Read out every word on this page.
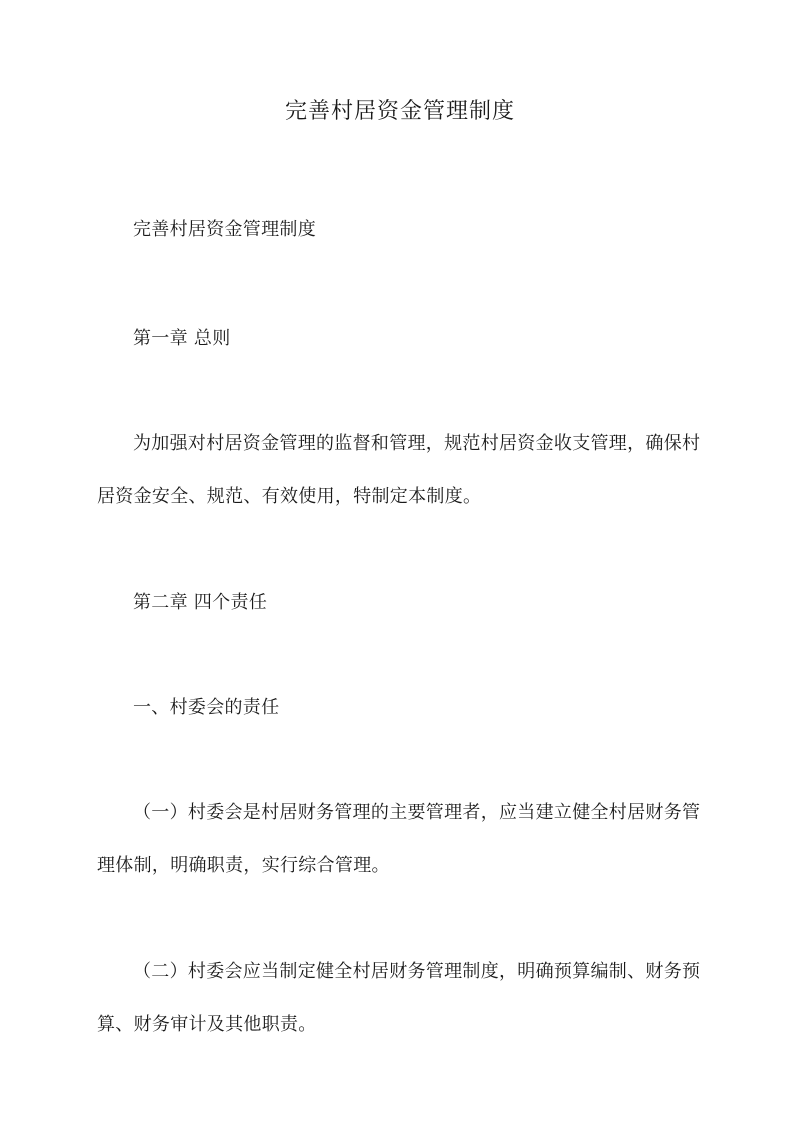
完善村居资金管理制度

完善村居资金管理制度

第一章 总则

为加强对村居资金管理的监督和管理，规范村居资金收支管理，确保村居资金安全、规范、有效使用，特制定本制度。

第二章 四个责任

一、村委会的责任

（一）村委会是村居财务管理的主要管理者，应当建立健全村居财务管理体制，明确职责，实行综合管理。

（二）村委会应当制定健全村居财务管理制度，明确预算编制、财务预算、财务审计及其他职责。
